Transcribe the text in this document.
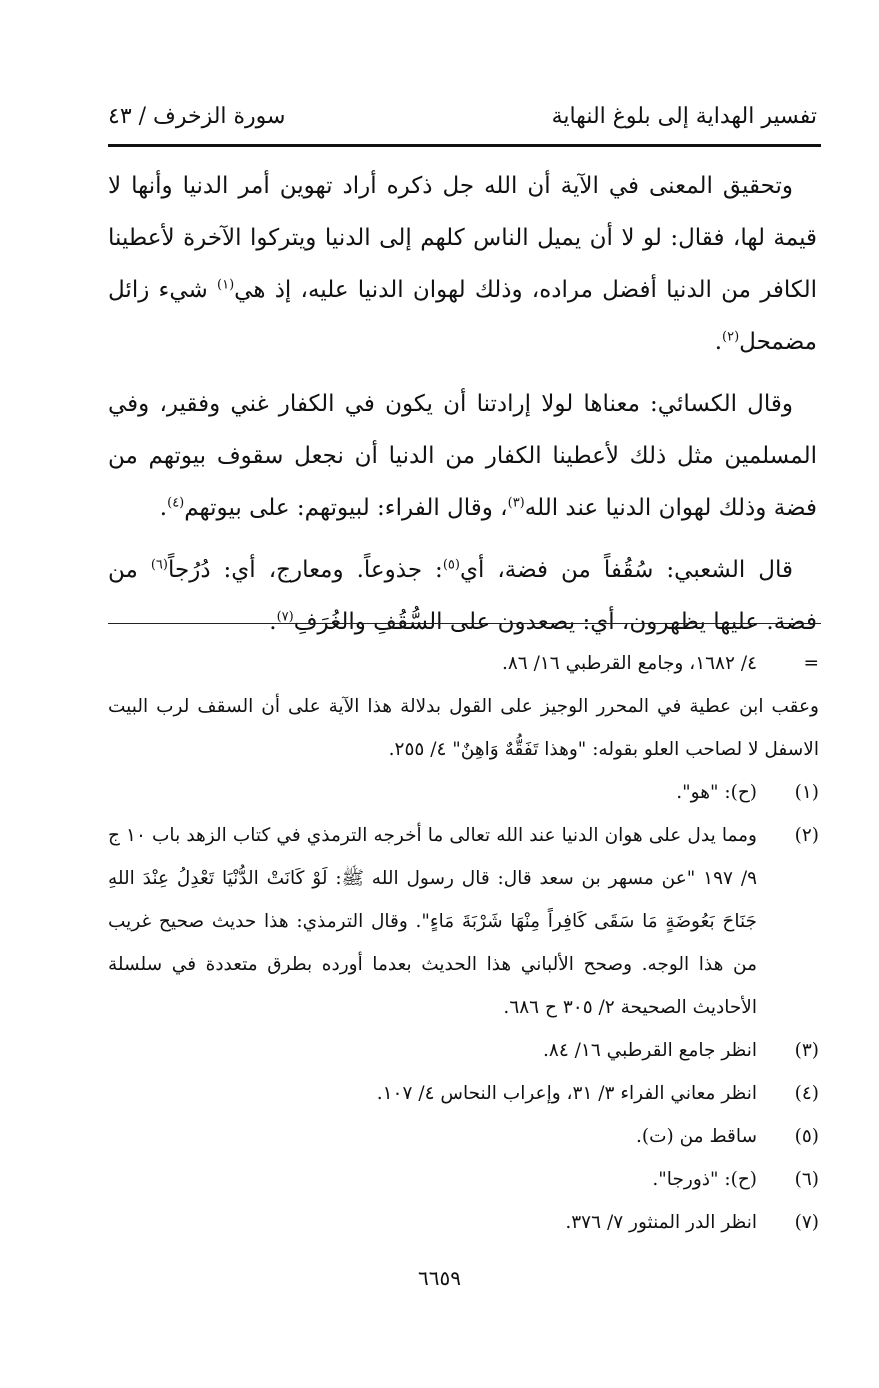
تفسير الهداية إلى بلوغ النهاية
سورة الزخرف / ٤٣

وتحقيق المعنى في الآية أن الله جل ذكره أراد تهوين أمر الدنيا وأنها لا قيمة لها، فقال: لو لا أن يميل الناس كلهم إلى الدنيا ويتركوا الآخرة لأعطينا الكافر من الدنيا أفضل مراده، وذلك لهوان الدنيا عليه، إذ هي$^{(١)}$ شيء زائل مضمحل$^{(٢)}$.

وقال الكسائي: معناها لولا إرادتنا أن يكون في الكفار غني وفقير، وفي المسلمين مثل ذلك لأعطينا الكفار من الدنيا أن نجعل سقوف بيوتهم من فضة وذلك لهوان الدنيا عند الله$^{(٣)}$، وقال الفراء: لبيوتهم: على بيوتهم$^{(٤)}$.

قال الشعبي: سُقُفاً من فضة، أي$^{(٥)}$: جذوعاً. ومعارج، أي: دُرُجاً$^{(٦)}$ من فضة. عليها يظهرون، أي: يصعدون على السُّقُفِ والغُرَفِ$^{(٧)}$.

=
٤/ ١٦٨٢، وجامع القرطبي ١٦/ ٨٦.
وعقب ابن عطية في المحرر الوجيز على القول بدلالة هذا الآية على أن السقف لرب البيت الاسفل لا لصاحب العلو بقوله: "وهذا تَفَقُّهٌ وَاهِنٌ" ٤/ ٢٥٥.
(١)
(ح): "هو".
(٢)
ومما يدل على هوان الدنيا عند الله تعالى ما أخرجه الترمذي في كتاب الزهد باب ١٠ ج ٩/ ١٩٧ "عن مسهر بن سعد قال: قال رسول الله ﷺ: لَوْ كَانَتْ الدُّنْيَا تَعْدِلُ عِنْدَ اللهِ جَنَاحَ بَعُوضَةٍ مَا سَقَى كَافِراً مِنْهَا شَرْبَةَ مَاءٍ". وقال الترمذي: هذا حديث صحيح غريب من هذا الوجه. وصحح الألباني هذا الحديث بعدما أورده بطرق متعددة في سلسلة الأحاديث الصحيحة ٢/ ٣٠٥ ح ٦٨٦.
(٣)
انظر جامع القرطبي ١٦/ ٨٤.
(٤)
انظر معاني الفراء ٣/ ٣١، وإعراب النحاس ٤/ ١٠٧.
(٥)
ساقط من (ت).
(٦)
(ح): "ذورجا".
(٧)
انظر الدر المنثور ٧/ ٣٧٦.
٦٦٥٩
